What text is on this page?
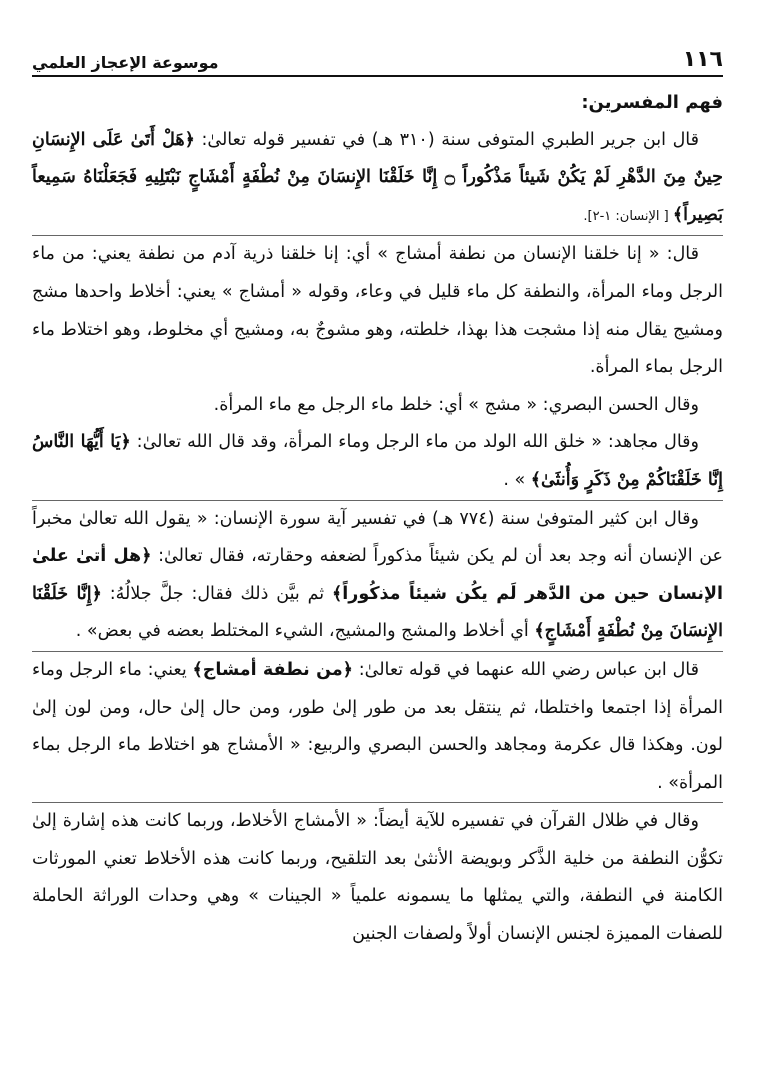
١١٦
موسوعة الإعجاز العلمي

فهم المفسرين:

قال ابن جرير الطبري المتوفى سنة (٣١٠ هـ) في تفسير قوله تعالىٰ: ﴿هَلْ أَتَىٰ عَلَى الإِنسَانِ حِينٌ مِنَ الدَّهْرِ لَمْ يَكُنْ شَيئاً مَذْكُوراً ۝ إِنَّا خَلَقْنَا الإِنسَانَ مِنْ نُطْفَةٍ أَمْشَاجٍ نَبْتَلِيهِ فَجَعَلْنَاهُ سَمِيعاً بَصِيراً﴾ [ الإنسان: ١-٢].

قال: « إنا خلقنا الإنسان من نطفة أمشاج » أي: إنا خلقنا ذرية آدم من نطفة يعني: من ماء الرجل وماء المرأة، والنطفة كل ماء قليل في وعاء، وقوله « أمشاج » يعني: أخلاط واحدها مشج ومشيج يقال منه إذا مشجت هذا بهذا، خلطته، وهو مشوجٌ به، ومشيج أي مخلوط، وهو اختلاط ماء الرجل بماء المرأة.

وقال الحسن البصري: « مشج » أي: خلط ماء الرجل مع ماء المرأة.

وقال مجاهد: « خلق الله الولد من ماء الرجل وماء المرأة، وقد قال الله تعالىٰ: ﴿يَا أَيُّهَا النَّاسُ إِنَّا خَلَقْنَاكُمْ مِنْ ذَكَرٍ وَأُنثَىٰ﴾ » .

وقال ابن كثير المتوفىٰ سنة (٧٧٤ هـ) في تفسير آية سورة الإنسان: « يقول الله تعالىٰ مخبراً عن الإنسان أنه وجد بعد أن لم يكن شيئاً مذكوراً لضعفه وحقارته، فقال تعالىٰ: ﴿هل أتىٰ علىٰ الإنسان حين من الدَّهر لَم يكُن شيئاً مذكُوراً﴾ ثم بيَّن ذلك فقال: جلَّ جلالُهُ: ﴿إِنَّا خَلَقْنَا الإِنسَانَ مِنْ نُطْفَةٍ أَمْشَاجٍ﴾ أي أخلاط والمشج والمشيج، الشيء المختلط بعضه في بعض» .

قال ابن عباس رضي الله عنهما في قوله تعالىٰ: ﴿من نطفة أمشاج﴾ يعني: ماء الرجل وماء المرأة إذا اجتمعا واختلطا، ثم ينتقل بعد من طور إلىٰ طور، ومن حال إلىٰ حال، ومن لون إلىٰ لون. وهكذا قال عكرمة ومجاهد والحسن البصري والربيع: « الأمشاج هو اختلاط ماء الرجل بماء المرأة» .

وقال في ظلال القرآن في تفسيره للآية أيضاً: « الأمشاج الأخلاط، وربما كانت هذه إشارة إلىٰ تكوُّن النطفة من خلية الذَّكر وبويضة الأنثىٰ بعد التلقيح، وربما كانت هذه الأخلاط تعني المورثات الكامنة في النطفة، والتي يمثلها ما يسمونه علمياً « الجينات » وهي وحدات الوراثة الحاملة للصفات المميزة لجنس الإنسان أولاً ولصفات الجنين
